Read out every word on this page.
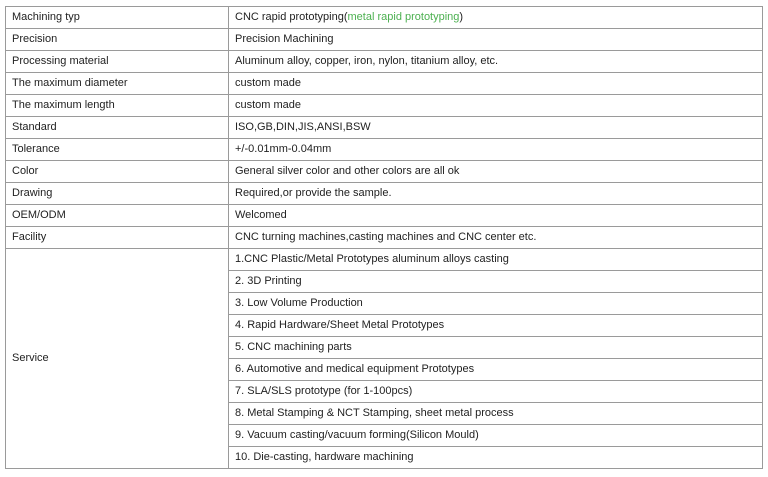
Machining typ	CNC rapid prototyping(metal rapid prototyping)
Precision	Precision Machining
Processing material	Aluminum alloy, copper, iron, nylon, titanium alloy, etc.
The maximum diameter	custom made
The maximum length	custom made
Standard	ISO,GB,DIN,JIS,ANSI,BSW
Tolerance	+/-0.01mm-0.04mm
Color	General silver color and other colors are all ok
Drawing	Required,or provide the sample.
OEM/ODM	Welcomed
Facility	CNC turning machines,casting machines and CNC center etc.
Service	1.CNC Plastic/Metal Prototypes aluminum alloys casting
	2. 3D Printing
	3. Low Volume Production
	4. Rapid Hardware/Sheet Metal Prototypes
	5. CNC machining parts
	6. Automotive and medical equipment Prototypes
	7. SLA/SLS prototype (for 1-100pcs)
	8. Metal Stamping & NCT Stamping, sheet metal process
	9. Vacuum casting/vacuum forming(Silicon Mould)
	10. Die-casting, hardware machining
